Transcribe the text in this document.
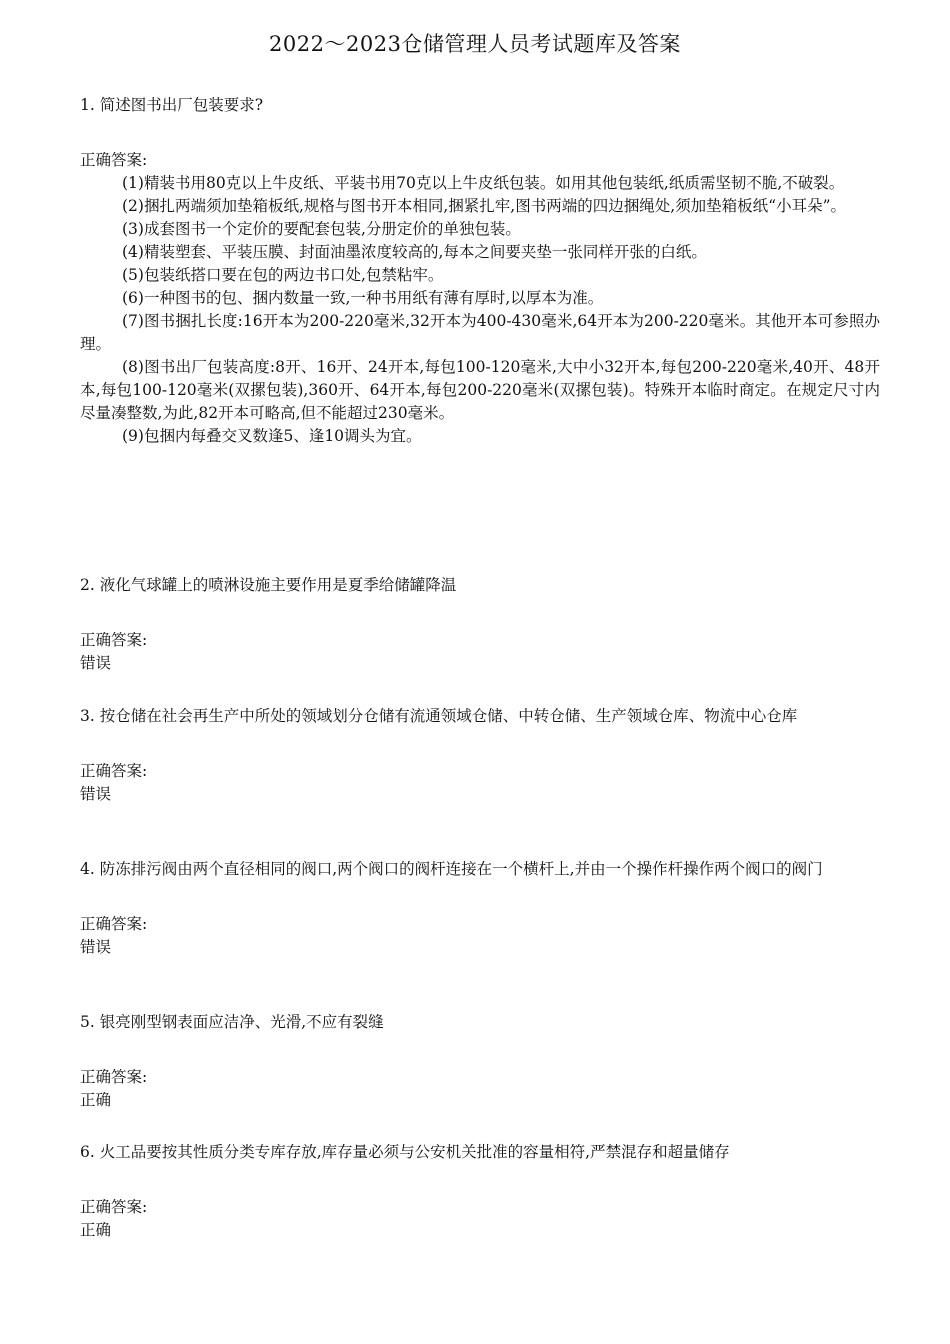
2022～2023仓储管理人员考试题库及答案

1. 简述图书出厂包装要求?

正确答案:

(1)精装书用80克以上牛皮纸、平装书用70克以上牛皮纸包装。如用其他包装纸,纸质需坚韧不脆,不破裂。

(2)捆扎两端须加垫箱板纸,规格与图书开本相同,捆紧扎牢,图书两端的四边捆绳处,须加垫箱板纸“小耳朵”。

(3)成套图书一个定价的要配套包装,分册定价的单独包装。

(4)精装塑套、平装压膜、封面油墨浓度较高的,每本之间要夹垫一张同样开张的白纸。

(5)包装纸搭口要在包的两边书口处,包禁粘牢。

(6)一种图书的包、捆内数量一致,一种书用纸有薄有厚时,以厚本为准。

(7)图书捆扎长度:16开本为200-220毫米,32开本为400-430毫米,64开本为200-220毫米。其他开本可参照办理。

(8)图书出厂包装高度:8开、16开、24开本,每包100-120毫米,大中小32开本,每包200-220毫米,40开、48开本,每包100-120毫米(双摞包装),360开、64开本,每包200-220毫米(双摞包装)。特殊开本临时商定。在规定尺寸内尽量凑整数,为此,82开本可略高,但不能超过230毫米。

(9)包捆内每叠交叉数逢5、逢10调头为宜。

2. 液化气球罐上的喷淋设施主要作用是夏季给储罐降温

正确答案:

错误

3. 按仓储在社会再生产中所处的领域划分仓储有流通领域仓储、中转仓储、生产领域仓库、物流中心仓库

正确答案:

错误

4. 防冻排污阀由两个直径相同的阀口,两个阀口的阀杆连接在一个横杆上,并由一个操作杆操作两个阀口的阀门

正确答案:

错误

5. 银亮刚型钢表面应洁净、光滑,不应有裂缝

正确答案:

正确

6. 火工品要按其性质分类专库存放,库存量必须与公安机关批准的容量相符,严禁混存和超量储存

正确答案:

正确
